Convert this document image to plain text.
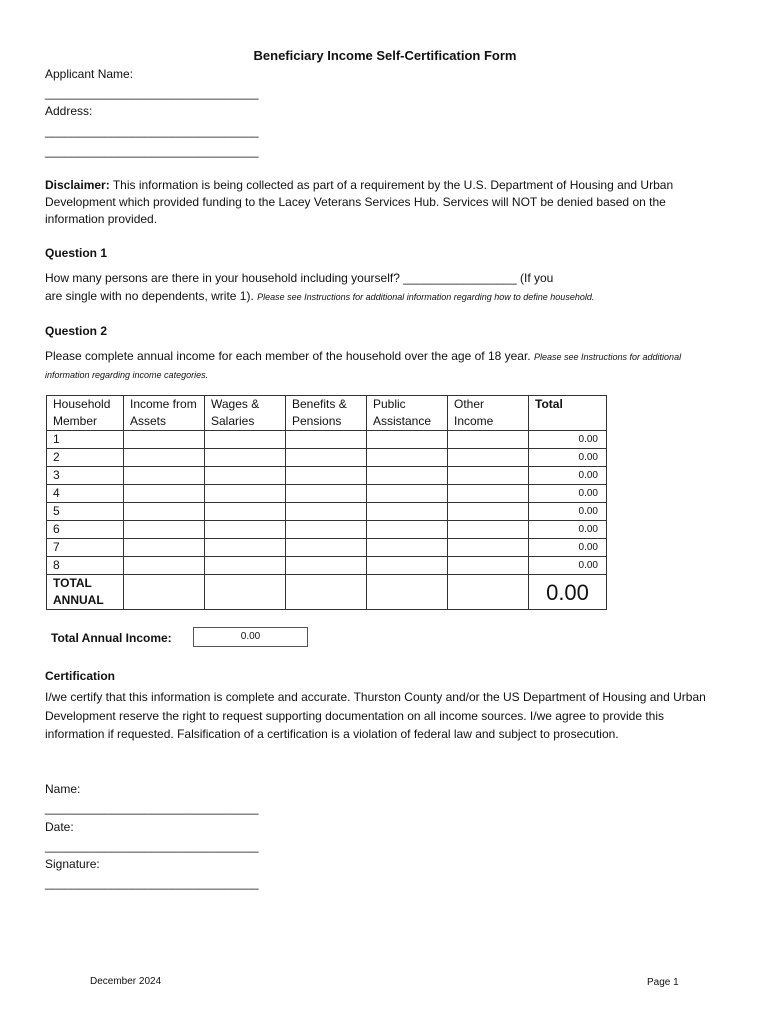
Beneficiary Income Self-Certification Form
Applicant Name:
________________________________
Address:
________________________________
________________________________
Disclaimer: This information is being collected as part of a requirement by the U.S. Department of Housing and Urban Development which provided funding to the Lacey Veterans Services Hub. Services will NOT be denied based on the information provided.
Question 1
How many persons are there in your household including yourself? _________________ (If you
are single with no dependents, write 1). Please see Instructions for additional information regarding how to define household.
Question 2
Please complete annual income for each member of the household over the age of 18 year. Please see Instructions for additional information regarding income categories.
Household Member	Income from Assets	Wages & Salaries	Benefits & Pensions	Public Assistance	Other Income	Total
1						0.00
2						0.00
3						0.00
4						0.00
5						0.00
6						0.00
7						0.00
8						0.00
TOTAL ANNUAL						0.00
Total Annual Income:	0.00
Certification
I/we certify that this information is complete and accurate. Thurston County and/or the US Department of Housing and Urban Development reserve the right to request supporting documentation on all income sources. I/we agree to provide this information if requested. Falsification of a certification is a violation of federal law and subject to prosecution.
Name:
________________________________
Date:
________________________________
Signature:
________________________________
December 2024	Page 1
